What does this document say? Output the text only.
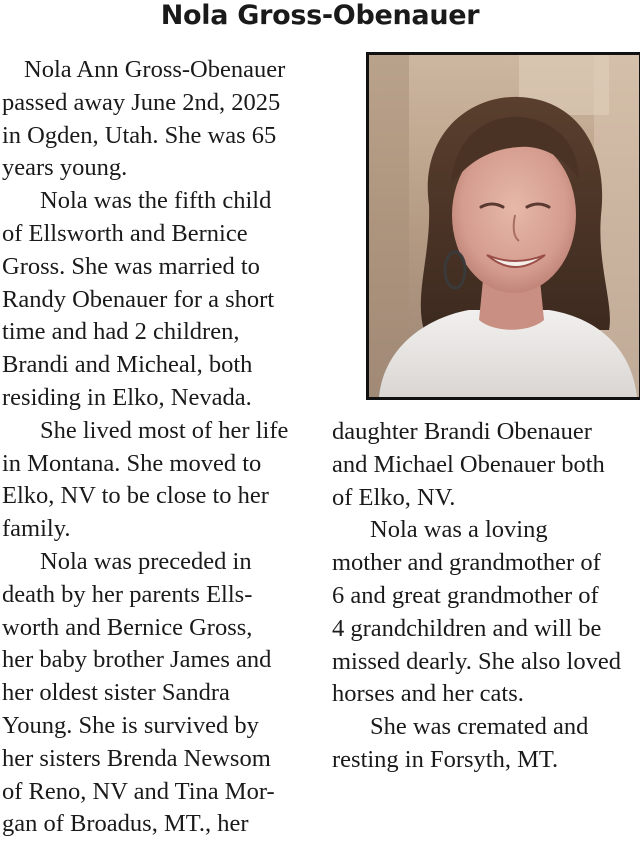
Nola Gross-Obenauer
Nola Ann Gross-Obenauer
passed away June 2nd, 2025
in Ogden, Utah. She was 65
years young.
Nola was the fifth child
of Ellsworth and Bernice
Gross. She was married to
Randy Obenauer for a short
time and had 2 children,
Brandi and Micheal, both
residing in Elko, Nevada.
She lived most of her life
in Montana. She moved to
Elko, NV to be close to her
family.
Nola was preceded in
death by her parents Ells-
worth and Bernice Gross,
her baby brother James and
her oldest sister Sandra
Young. She is survived by
her sisters Brenda Newsom
of Reno, NV and Tina Mor-
gan of Broadus, MT., her
daughter Brandi Obenauer
and Michael Obenauer both
of Elko, NV.
Nola was a loving
mother and grandmother of
6 and great grandmother of
4 grandchildren and will be
missed dearly. She also loved
horses and her cats.
She was cremated and
resting in Forsyth, MT.
